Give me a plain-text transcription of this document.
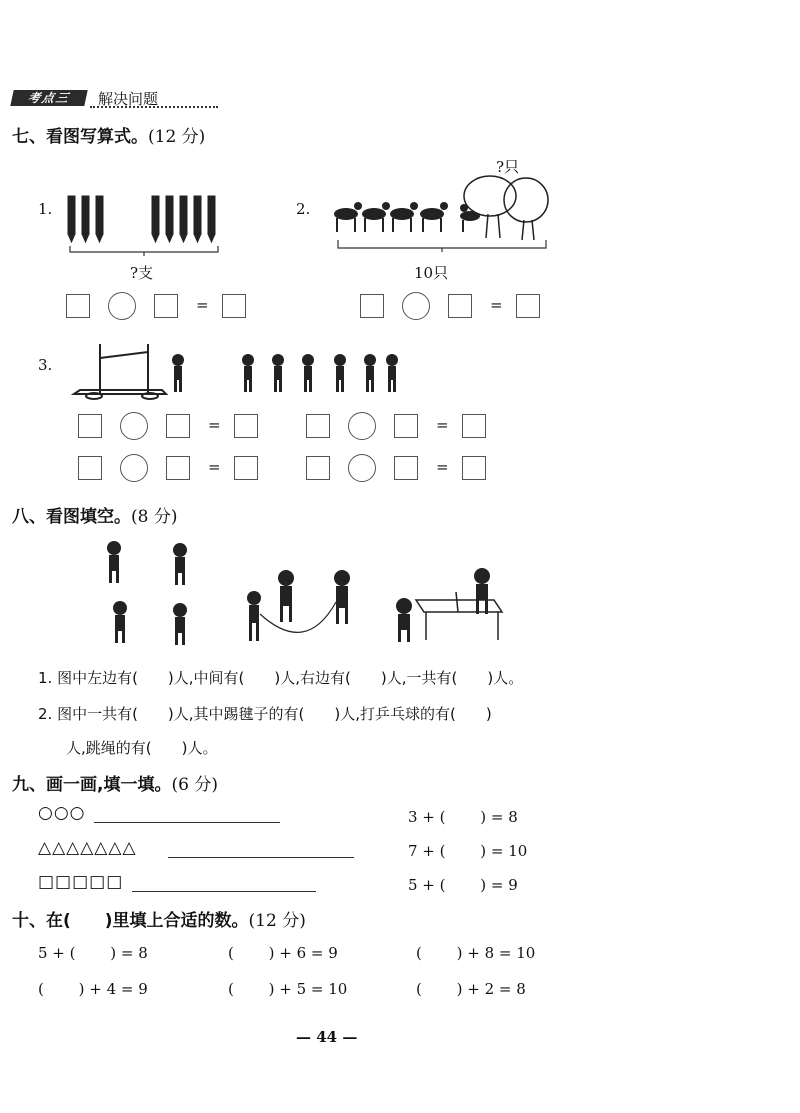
考点三	解决问题
七、看图写算式。(12 分)
1.
?支
=
2.
?只
10只
=
3.
=	=
=	=
八、看图填空。(8 分)
1. 图中左边有(　　)人,中间有(　　)人,右边有(　　)人,一共有(　　)人。
2. 图中一共有(　　)人,其中踢毽子的有(　　)人,打乒乓球的有(　　)
人,跳绳的有(　　)人。
九、画一画,填一填。(6 分)
○○○	3 + (　　 ) = 8
△△△△△△△	7 + (　　 ) = 10
□□□□□	5 + (　　 ) = 9
十、在(　　)里填上合适的数。(12 分)
5 + (　　 ) = 8	(　　 ) + 6 = 9	(　　 ) + 8 = 10
(　　 ) + 4 = 9	(　　 ) + 5 = 10	(　　 ) + 2 = 8
— 44 —
